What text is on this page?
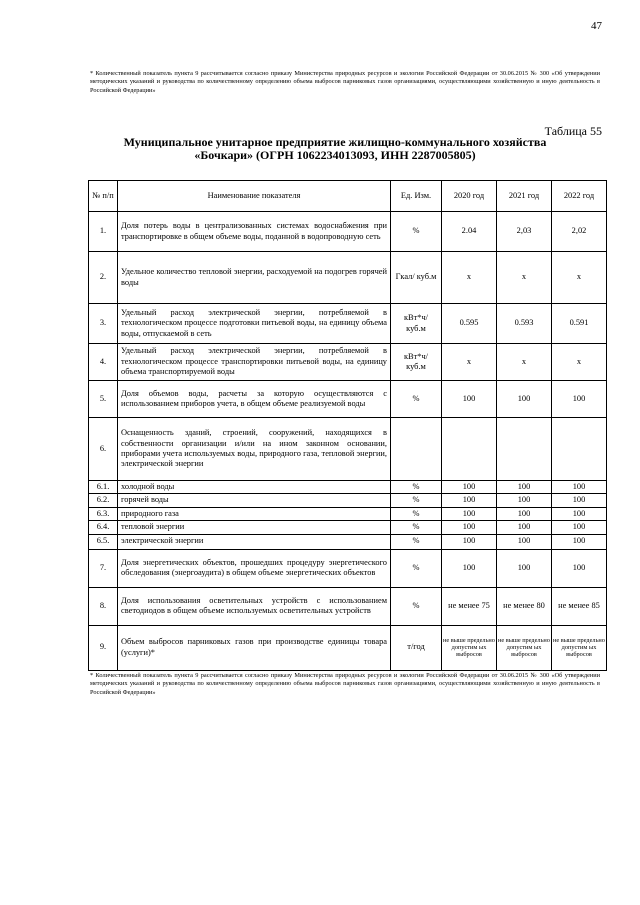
47
* Количественный показатель пункта 9 рассчитывается согласно приказу Министерства природных ресурсов и экологии Российской Федерации от 30.06.2015 № 300 «Об утверждении методических указаний и руководства по количественному определению объема выбросов парниковых газов организациями, осуществляющими хозяйственную и иную деятельность в Российской Федерации»
Таблица 55
Муниципальное унитарное предприятие жилищно-коммунального хозяйства «Бочкари» (ОГРН 1062234013093, ИНН 2287005805)
№ п/п	Наименование показателя	Ед. Изм.	2020 год	2021 год	2022 год
1.	Доля потерь воды в централизованных системах водоснабжения при транспортировке в общем объеме воды, поданной в водопроводную сеть	%	2.04	2,03	2,02
2.	Удельное количество тепловой энергии, расходуемой на подогрев горячей воды	Гкал/ куб.м	х	х	х
3.	Удельный расход электрической энергии, потребляемой в технологическом процессе подготовки питьевой воды, на единицу объема воды, отпускаемой в сеть	кВт*ч/ куб.м	0.595	0.593	0.591
4.	Удельный расход электрической энергии, потребляемой в технологическом процессе транспортировки питьевой воды, на единицу объема транспортируемой воды	кВт*ч/ куб.м	х	х	х
5.	Доля объемов воды, расчеты за которую осуществляются с использованием приборов учета, в общем объеме реализуемой воды	%	100	100	100
6.	Оснащенность зданий, строений, сооружений, находящихся в собственности организации и/или на ином законном основании, приборами учета используемых воды, природного газа, тепловой энергии, электрической энергии				
6.1.	холодной воды	%	100	100	100
6.2.	горячей воды	%	100	100	100
6.3.	природного газа	%	100	100	100
6.4.	тепловой энергии	%	100	100	100
6.5.	электрической энергии	%	100	100	100
7.	Доля энергетических объектов, прошедших процедуру энергетического обследования (энергоаудита) в общем объеме энергетических объектов	%	100	100	100
8.	Доля использования осветительных устройств с использованием светодиодов в общем объеме используемых осветительных устройств	%	не менее 75	не менее 80	не менее 85
9.	Объем выбросов парниковых газов при производстве единицы товара (услуги)*	т/год	не выше предельно допустим ых выбросов	не выше предельно допустим ых выбросов	не выше предельно допустим ых выбросов
* Количественный показатель пункта 9 рассчитывается согласно приказу Министерства природных ресурсов и экологии Российской Федерации от 30.06.2015 № 300 «Об утверждении методических указаний и руководства по количественному определению объема выбросов парниковых газов организациями, осуществляющими хозяйственную и иную деятельность в Российской Федерации»
